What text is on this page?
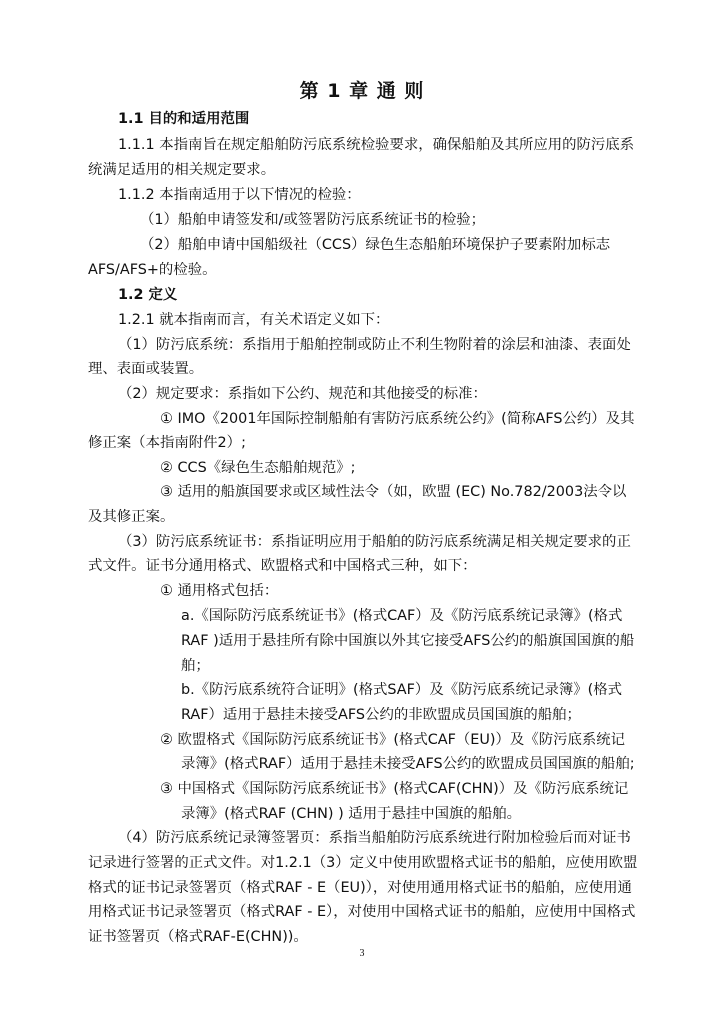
第 1 章 通 则
1.1 目的和适用范围
1.1.1 本指南旨在规定船舶防污底系统检验要求，确保船舶及其所应用的防污底系
统满足适用的相关规定要求。
1.1.2 本指南适用于以下情况的检验：
（1）船舶申请签发和/或签署防污底系统证书的检验；
（2）船舶申请中国船级社（CCS）绿色生态船舶环境保护子要素附加标志
AFS/AFS+的检验。
1.2 定义
1.2.1 就本指南而言，有关术语定义如下：
（1）防污底系统：系指用于船舶控制或防止不利生物附着的涂层和油漆、表面处
理、表面或装置。
（2）规定要求：系指如下公约、规范和其他接受的标准：
① IMO《2001年国际控制船舶有害防污底系统公约》(简称AFS公约）及其
修正案（本指南附件2）;
② CCS《绿色生态船舶规范》;
③ 适用的船旗国要求或区域性法令（如，欧盟 (EC) No.782/2003法令以
及其修正案。
（3）防污底系统证书：系指证明应用于船舶的防污底系统满足相关规定要求的正
式文件。证书分通用格式、欧盟格式和中国格式三种，如下：
① 通用格式包括：
a.《国际防污底系统证书》(格式CAF）及《防污底系统记录簿》(格式
RAF )适用于悬挂所有除中国旗以外其它接受AFS公约的船旗国国旗的船
舶；
b.《防污底系统符合证明》(格式SAF）及《防污底系统记录簿》(格式
RAF）适用于悬挂未接受AFS公约的非欧盟成员国国旗的船舶；
② 欧盟格式《国际防污底系统证书》(格式CAF（EU)）及《防污底系统记
录簿》(格式RAF）适用于悬挂未接受AFS公约的欧盟成员国国旗的船舶;
③ 中国格式《国际防污底系统证书》(格式CAF(CHN)）及《防污底系统记
录簿》(格式RAF (CHN) ) 适用于悬挂中国旗的船舶。
（4）防污底系统记录簿签署页：系指当船舶防污底系统进行附加检验后而对证书
记录进行签署的正式文件。对1.2.1（3）定义中使用欧盟格式证书的船舶，应使用欧盟
格式的证书记录签署页（格式RAF - E（EU)），对使用通用格式证书的船舶，应使用通
用格式证书记录签署页（格式RAF - E），对使用中国格式证书的船舶，应使用中国格式
证书签署页（格式RAF-E(CHN))。
3
